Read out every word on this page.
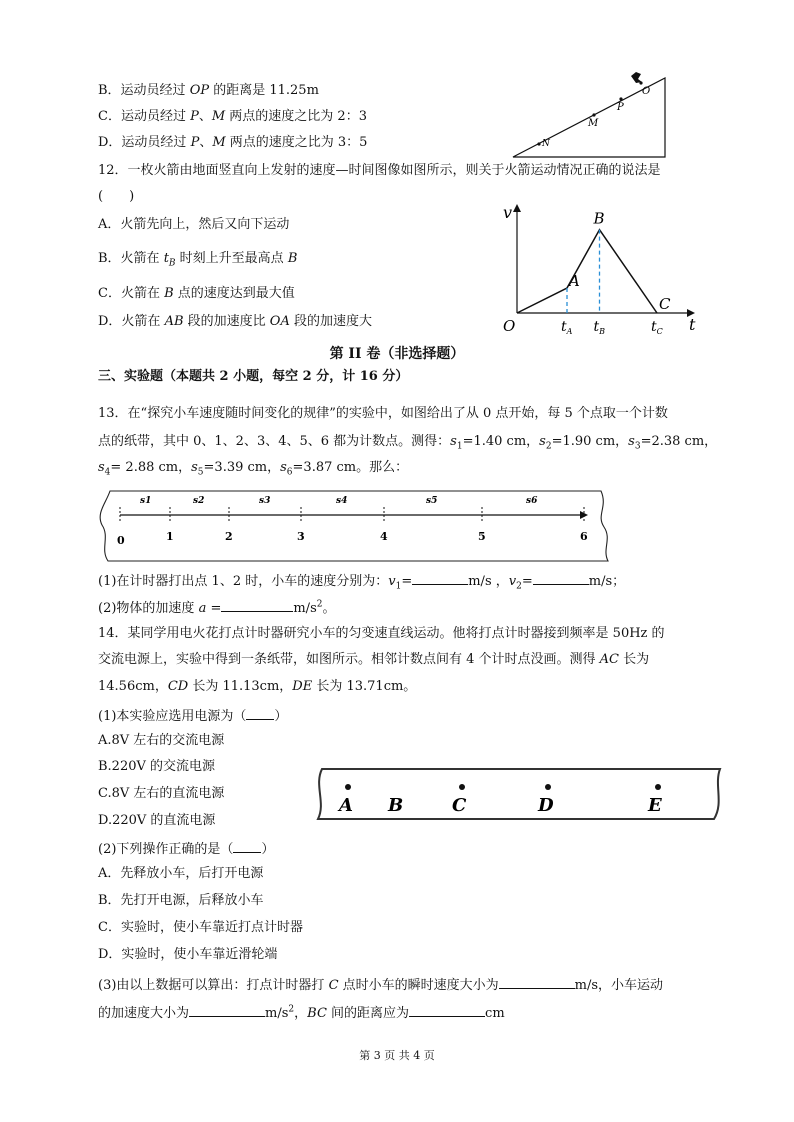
B．运动员经过 OP 的距离是 11.25m
C．运动员经过 P、M 两点的速度之比为 2：3
D．运动员经过 P、M 两点的速度之比为 3：5
O
P
M
N
12．一枚火箭由地面竖直向上发射的速度—时间图像如图所示，则关于火箭运动情况正确的说法是
(　　)
A．火箭先向上，然后又向下运动
B．火箭在 $t_B$ 时刻上升至最高点 B
C．火箭在 B 点的速度达到最大值
D．火箭在 AB 段的加速度比 OA 段的加速度大
v
t
O
A
B
C
$t_A$ $t_B$	$t_C$
第 II 卷（非选择题）
三、实验题（本题共 2 小题，每空 2 分，计 16 分）
13．在“探究小车速度随时间变化的规律”的实验中，如图给出了从 0 点开始，每 5 个点取一个计数
点的纸带，其中 0、1、2、3、4、5、6 都为计数点。测得：$s_1=1.40$ cm，$s_2=1.90$ cm，$s_3=2.38$ cm，
$s_4= 2.88$ cm，$s_5=3.39$ cm，$s_6=3.87$ cm。那么：
0	1	2	3	4	5	6
s1	s2	s3	s4	s5	s6
(1)在计时器打出点 1、2 时，小车的速度分别为：$v_1=$	m/s ，$v_2=$	m/s；
(2)物体的加速度 a =	$m/s^2$。
14．某同学用电火花打点计时器研究小车的匀变速直线运动。他将打点计时器接到频率是 50Hz 的
交流电源上，实验中得到一条纸带，如图所示。相邻计数点间有 4 个计时点没画。测得 AC 长为
14.56cm，CD 长为 11.13cm，DE 长为 13.71cm。
(1)本实验应选用电源为（ ）
A.8V 左右的交流电源
B.220V 的交流电源
C.8V 左右的直流电源
D.220V 的直流电源
A B	C	D	E
(2)下列操作正确的是（ ）
A．先释放小车，后打开电源
B．先打开电源，后释放小车
C．实验时，使小车靠近打点计时器
D．实验时，使小车靠近滑轮端
(3)由以上数据可以算出：打点计时器打 C 点时小车的瞬时速度大小为	m/s，小车运动
的加速度大小为	$m/s^2$，BC 间的距离应为	cm
第 3 页 共 4 页
